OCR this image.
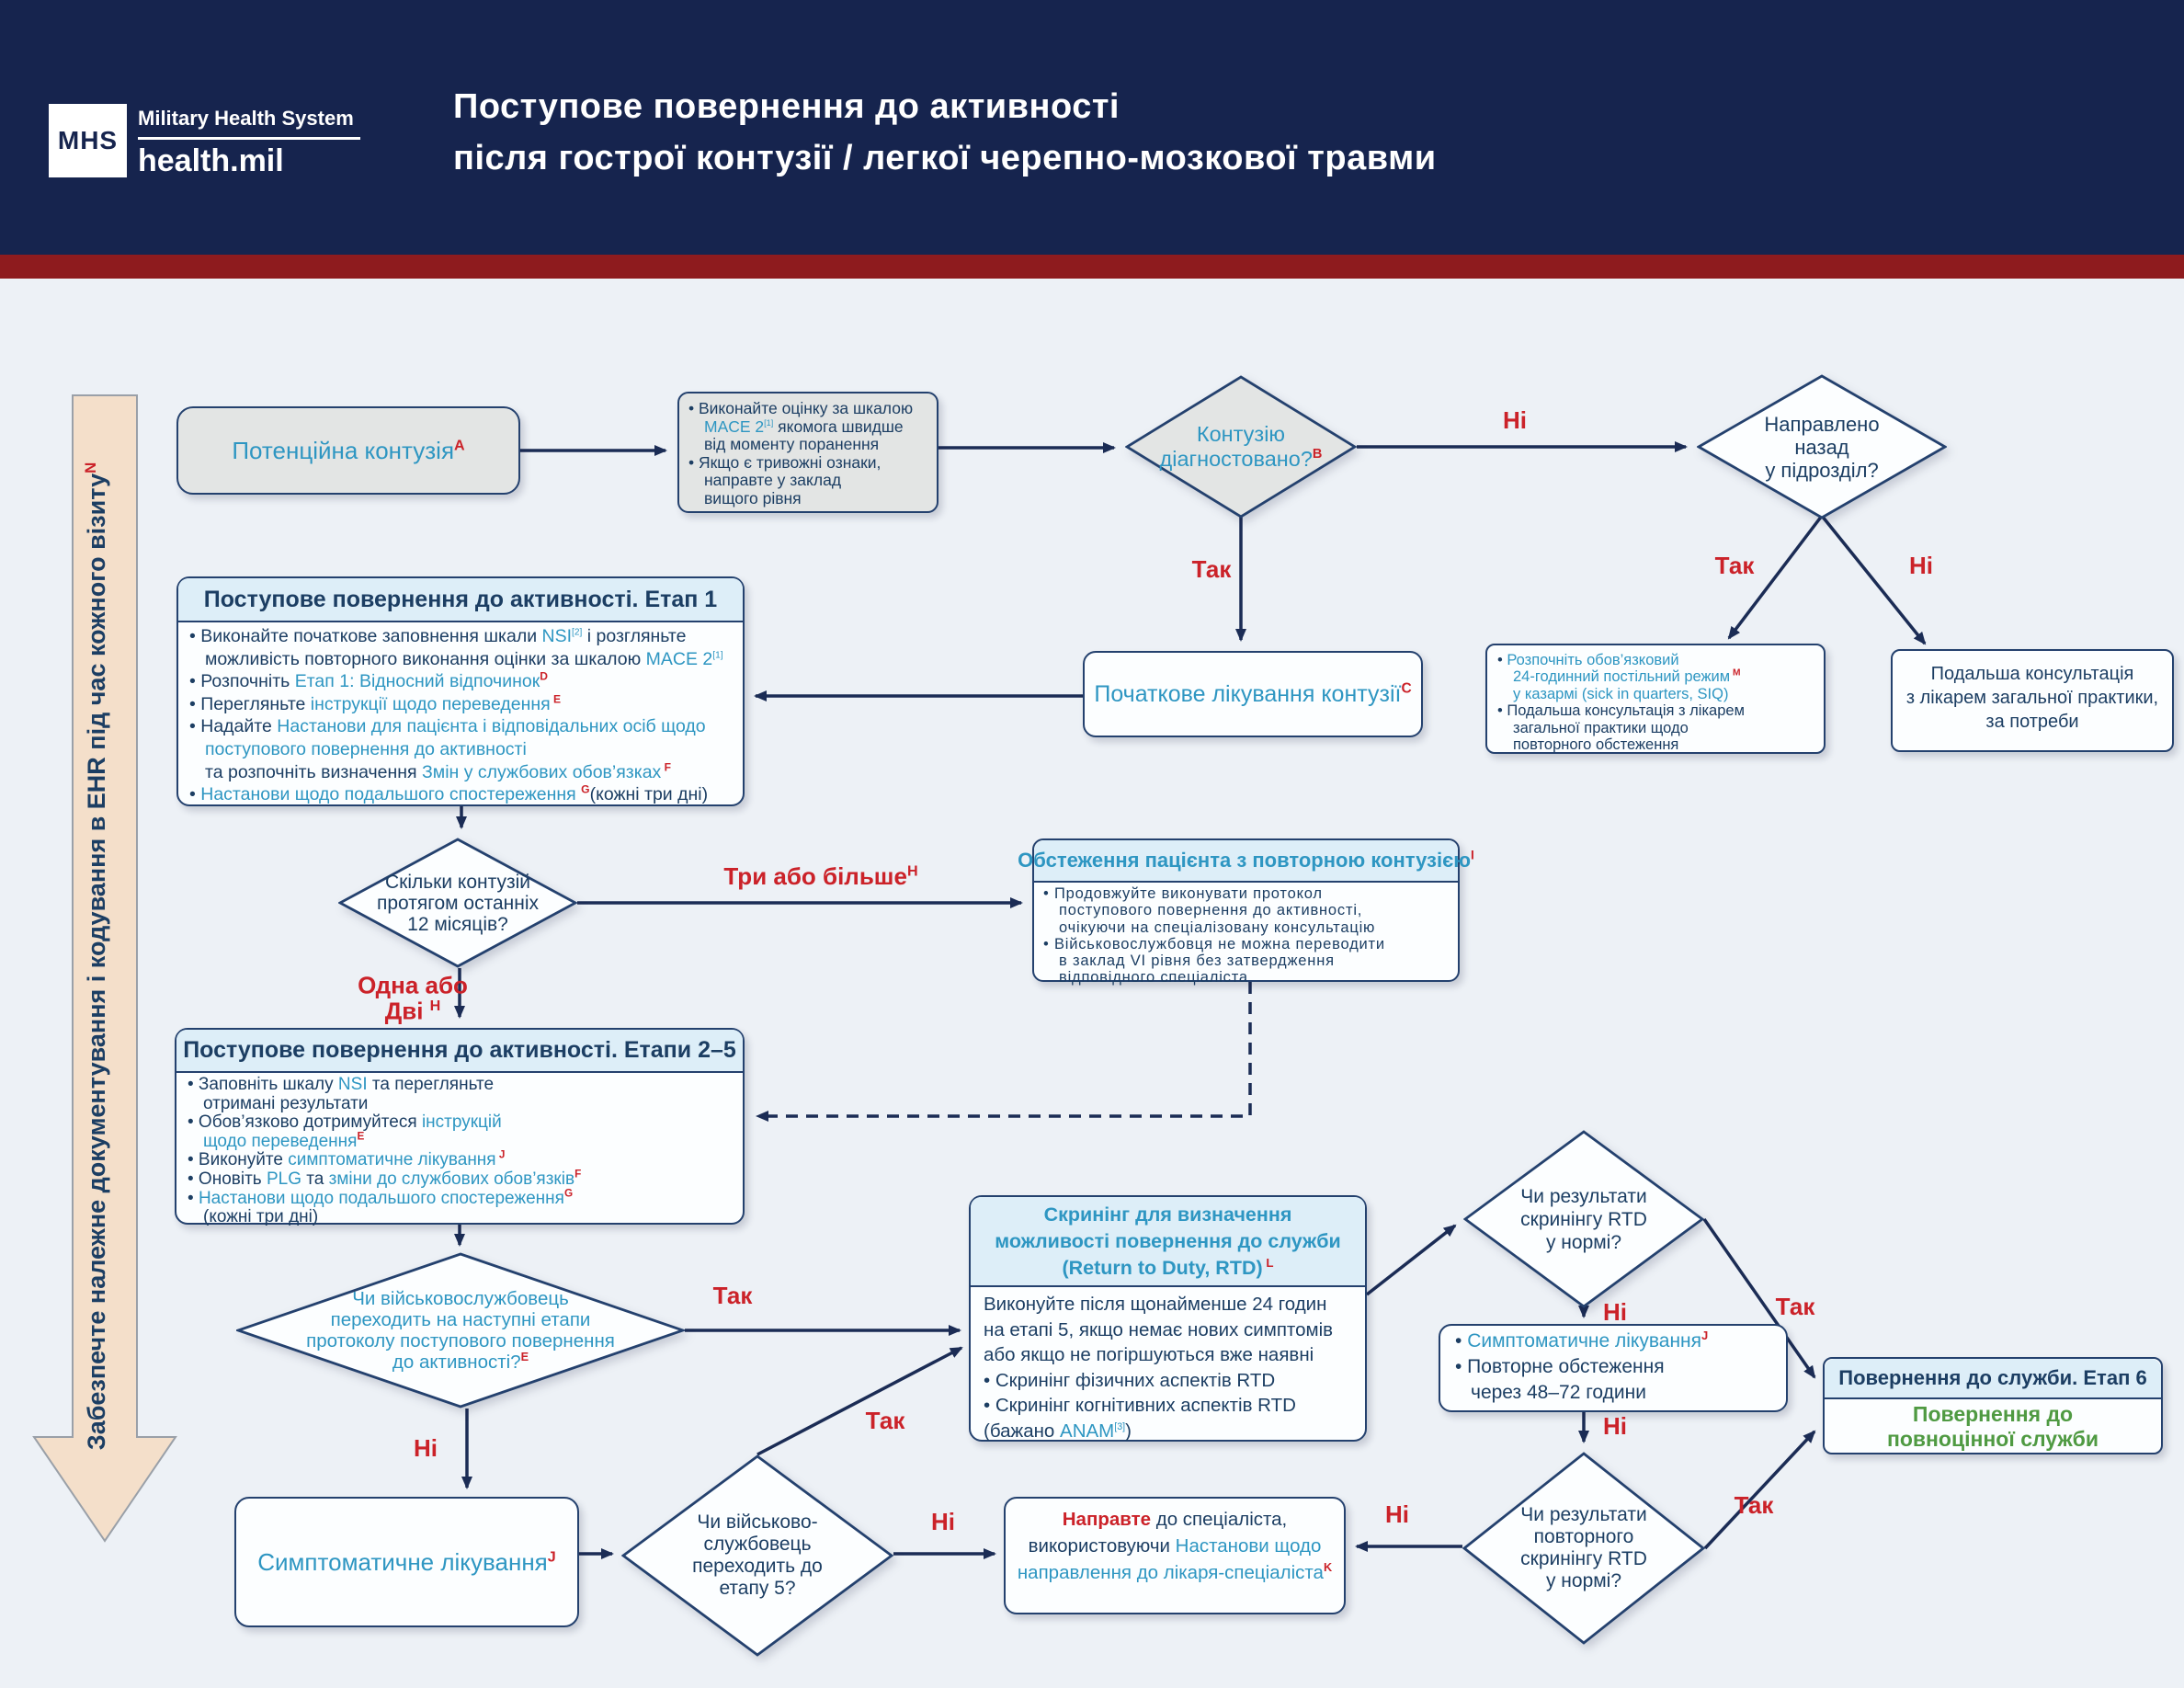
MHS
Military Health System
health.mil
Поступове повернення до активності
після гострої контузії / легкої черепно-мозкової травми
Забезпечте належне документування і кодування в EHR під час кожного візиту$^N$
Потенційна контузія$^A$
• Виконайте оцінку за шкалою
MACE 2[1] якомога швидше
від моменту поранення
• Якщо є тривожні ознаки,
направте у заклад
вищого рівня
Контузію
діагностовано?$^B$
Направлено
назад
у підрозділ?
Початкове лікування контузії$^C$
• Розпочніть обов’язковий
24-годинний постільний режим $^M$
у казармі (sick in quarters, SIQ)
• Подальша консультація з лікарем
загальної практики щодо
повторного обстеження
Подальша консультація
з лікарем загальної практики,
за потреби
Поступове повернення до активності. Етап 1
• Виконайте початкове заповнення шкали NSI[2] і розгляньте
можливість повторного виконання оцінки за шкалою MACE 2[1]
• Розпочніть Етап 1: Відносний відпочинок$^D$
• Перегляньте інструкції щодо переведення $^E$
• Надайте Настанови для пацієнта і відповідальних осіб щодо
поступового повернення до активності
та розпочніть визначення Змін у службових обов’язках $^F$
• Настанови щодо подальшого спостереження $^G$(кожні три дні)
Скільки контузій
протягом останніх
12 місяців?
Обстеження пацієнта з повторною контузією$^I$
• Продовжуйте виконувати протокол
поступового повернення до активності,
очікуючи на спеціалізовану консультацію
• Військовослужбовця не можна переводити
в заклад VI рівня без затвердження
відповідного спеціаліста
Поступове повернення до активності. Етапи 2–5
• Заповніть шкалу NSI та перегляньте
отримані результати
• Обов’язково дотримуйтеся інструкцій
щодо переведення$^E$
• Виконуйте симптоматичне лікування $^J$
• Оновіть PLG та зміни до службових обов’язків$^F$
• Настанови щодо подальшого спостереження$^G$
(кожні три дні)
Чи військовослужбовець
переходить на наступні етапи
протоколу поступового повернення
до активності?$^E$
Скринінг для визначення
можливості повернення до служби
(Return to Duty, RTD) $^L$
Виконуйте після щонайменше 24 годин
на етапі 5, якщо немає нових симптомів
або якщо не погіршуються вже наявні
• Скринінг фізичних аспектів RTD
• Скринінг когнітивних аспектів RTD
(бажано ANAM[3])
Чи результати
скринінгу RTD
у нормі?
• Симптоматичне лікування$^J$
• Повторне обстеження
через 48–72 години
Повернення до служби. Етап 6
Повернення до
повноцінної служби
Симптоматичне лікування$^J$
Чи військово-
службовець
переходить до
етапу 5?
Направте до спеціаліста,
використовуючи Настанови щодо
направлення до лікаря-спеціаліста$^K$
Чи результати
повторного
скринінгу RTD
у нормі?
Ні
Так	Так	Ні
Три або більше$^H$
Одна або
Дві $^H$
Так
Ні
Так
Ні
Ні	Так
Ні
Ні	Так
